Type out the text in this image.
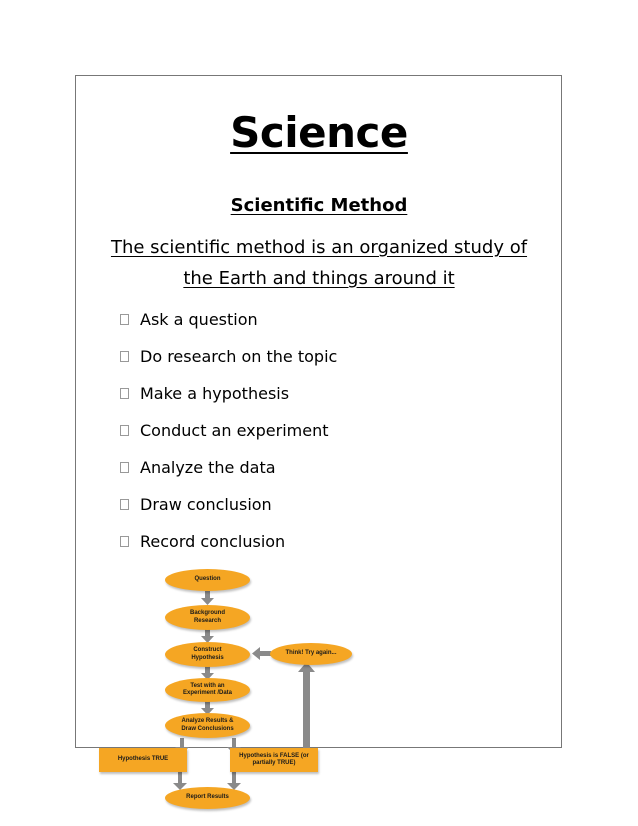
Science
Scientific Method
The scientific method is an organized study of
the Earth and things around it
Ask a question
Do research on the topic
Make a hypothesis
Conduct an experiment
Analyze the data
Draw conclusion
Record conclusion
Question
Background
Research
Construct
Hypothesis
Think! Try again...
Test with an
Experiment /Data
Analyze Results &
Draw Conclusions
Hypothesis TRUE
Hypothesis is FALSE (or
partially TRUE)
Report Results
